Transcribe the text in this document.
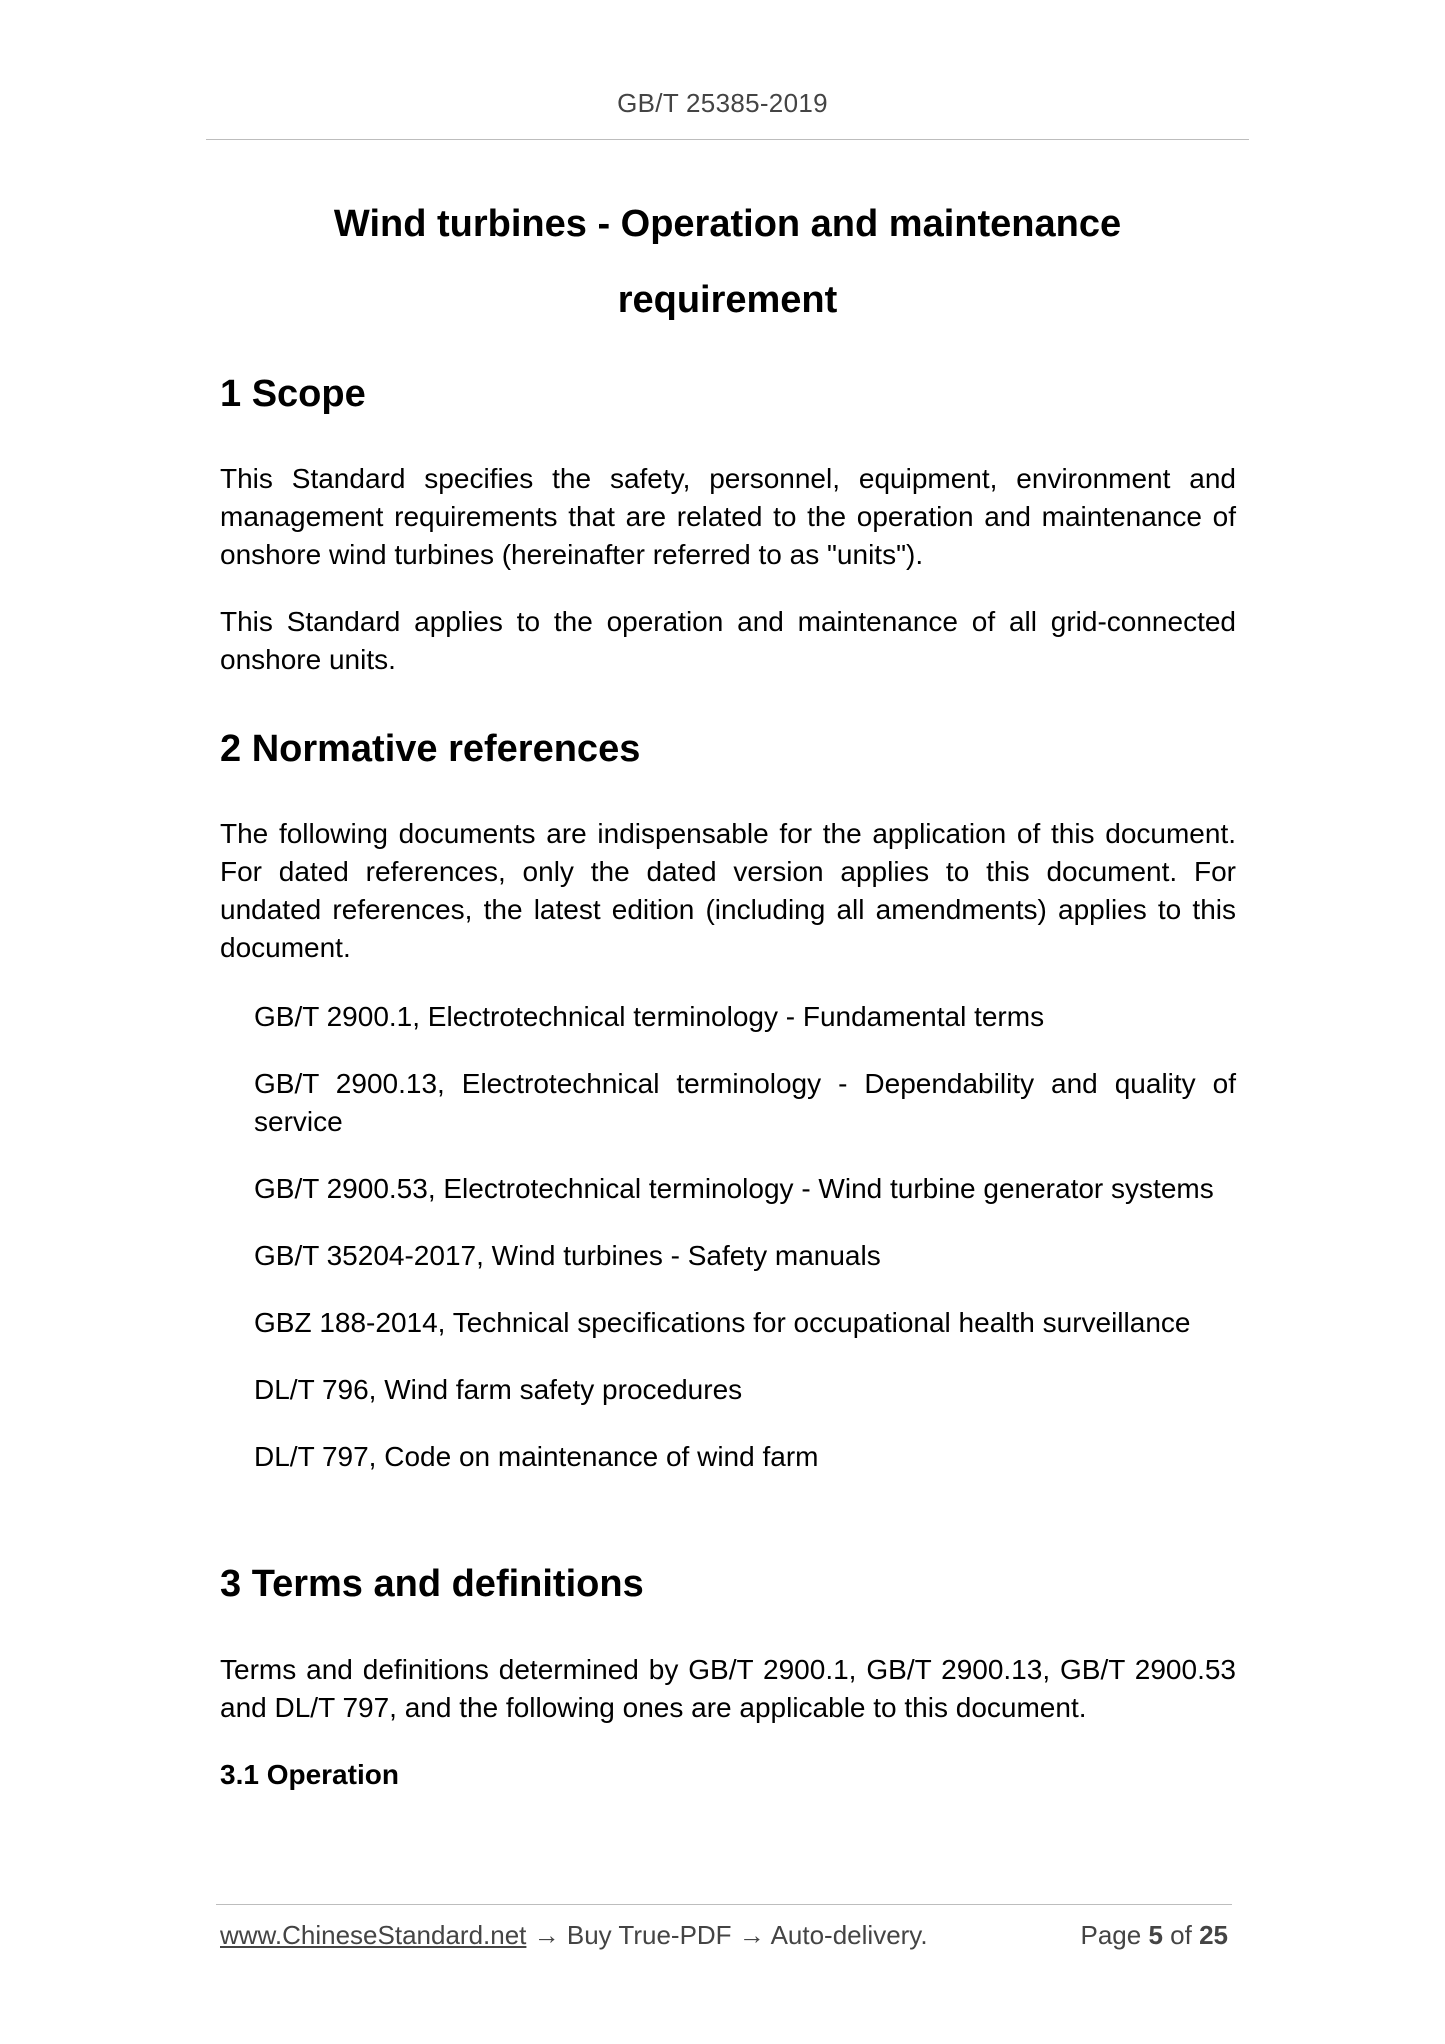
GB/T 25385-2019
Wind turbines - Operation and maintenance
requirement
1 Scope

This Standard specifies the safety, personnel, equipment, environment and management requirements that are related to the operation and maintenance of onshore wind turbines (hereinafter referred to as "units").

This Standard applies to the operation and maintenance of all grid-connected onshore units.

2 Normative references

The following documents are indispensable for the application of this document. For dated references, only the dated version applies to this document. For undated references, the latest edition (including all amendments) applies to this document.

GB/T 2900.1, Electrotechnical terminology - Fundamental terms
GB/T 2900.13, Electrotechnical terminology - Dependability and quality of service
GB/T 2900.53, Electrotechnical terminology - Wind turbine generator systems
GB/T 35204-2017, Wind turbines - Safety manuals
GBZ 188-2014, Technical specifications for occupational health surveillance
DL/T 796, Wind farm safety procedures
DL/T 797, Code on maintenance of wind farm
3 Terms and definitions

Terms and definitions determined by GB/T 2900.1, GB/T 2900.13, GB/T 2900.53 and DL/T 797, and the following ones are applicable to this document.

3.1 Operation
www.ChineseStandard.net → Buy True-PDF → Auto-delivery.	Page 5 of 25
